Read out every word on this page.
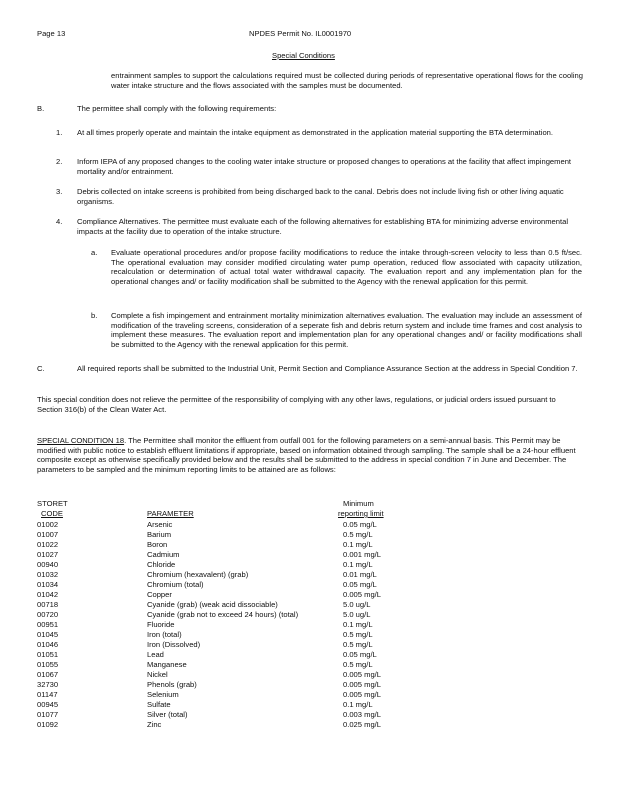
Page 13	NPDES Permit No. IL0001970
Special Conditions
entrainment samples to support the calculations required must be collected during periods of representative operational flows for the cooling water intake structure and the flows associated with the samples must be documented.
B.	The permittee shall comply with the following requirements:
1. At all times properly operate and maintain the intake equipment as demonstrated in the application material supporting the BTA determination.
2. Inform IEPA of any proposed changes to the cooling water intake structure or proposed changes to operations at the facility that affect impingement mortality and/or entrainment.
3. Debris collected on intake screens is prohibited from being discharged back to the canal. Debris does not include living fish or other living aquatic organisms.
4. Compliance Alternatives. The permittee must evaluate each of the following alternatives for establishing BTA for minimizing adverse environmental impacts at the facility due to operation of the intake structure.
a. Evaluate operational procedures and/or propose facility modifications to reduce the intake through-screen velocity to less than 0.5 ft/sec. The operational evaluation may consider modified circulating water pump operation, reduced flow associated with capacity utilization, recalculation or determination of actual total water withdrawal capacity. The evaluation report and any implementation plan for the operational changes and/ or facility modification shall be submitted to the Agency with the renewal application for this permit.
b. Complete a fish impingement and entrainment mortality minimization alternatives evaluation. The evaluation may include an assessment of modification of the traveling screens, consideration of a seperate fish and debris return system and include time frames and cost analysis to implement these measures. The evaluation report and implementation plan for any operational changes and/ or facility modifications shall be submitted to the Agency with the renewal application for this permit.
C.	All required reports shall be submitted to the Industrial Unit, Permit Section and Compliance Assurance Section at the address in Special Condition 7.
This special condition does not relieve the permittee of the responsibility of complying with any other laws, regulations, or judicial orders issued pursuant to Section 316(b) of the Clean Water Act.
SPECIAL CONDITION 18. The Permittee shall monitor the effluent from outfall 001 for the following parameters on a semi-annual basis. This Permit may be modified with public notice to establish effluent limitations if appropriate, based on information obtained through sampling. The sample shall be a 24-hour effluent composite except as otherwise specifically provided below and the results shall be submitted to the address in special condition 7 in June and December. The parameters to be sampled and the minimum reporting limits to be attained are as follows:
STORET	Minimum
CODE	PARAMETER	reporting limit
01002	Arsenic	0.05 mg/L
01007	Barium	0.5 mg/L
01022	Boron	0.1 mg/L
01027	Cadmium	0.001 mg/L
00940	Chloride	0.1 mg/L
01032	Chromium (hexavalent) (grab)	0.01 mg/L
01034	Chromium (total)	0.05 mg/L
01042	Copper	0.005 mg/L
00718	Cyanide (grab) (weak acid dissociable)	5.0 ug/L
00720	Cyanide (grab not to exceed 24 hours) (total)	5.0 ug/L
00951	Fluoride	0.1 mg/L
01045	Iron (total)	0.5 mg/L
01046	Iron (Dissolved)	0.5 mg/L
01051	Lead	0.05 mg/L
01055	Manganese	0.5 mg/L
01067	Nickel	0.005 mg/L
32730	Phenols (grab)	0.005 mg/L
01147	Selenium	0.005 mg/L
00945	Sulfate	0.1 mg/L
01077	Silver (total)	0.003 mg/L
01092	Zinc	0.025 mg/L
